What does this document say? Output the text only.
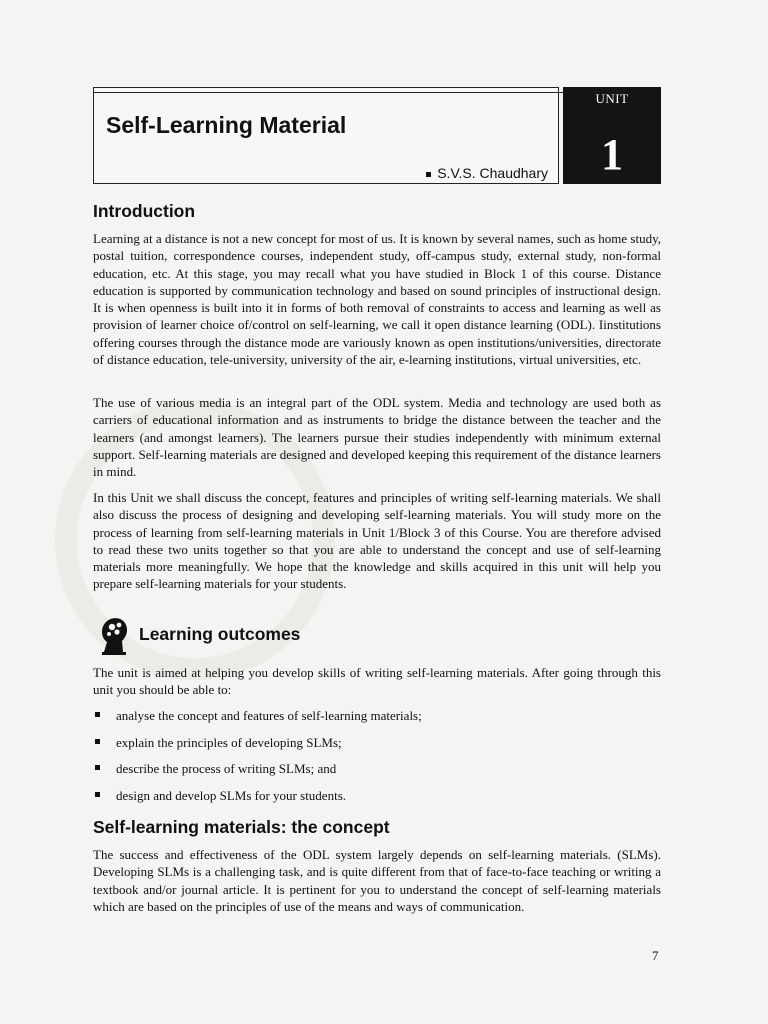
Self-Learning Material
S.V.S. Chaudhary
UNIT
1
Introduction

Learning at a distance is not a new concept for most of us. It is known by several names, such as home study, postal tuition, correspondence courses, independent study, off-campus study, external study, non-formal education, etc. At this stage, you may recall what you have studied in Block 1 of this course. Distance education is supported by communication technology and based on sound principles of instructional design. It is when openness is built into it in forms of both removal of constraints to access and learning as well as provision of learner choice of/control on self-learning, we call it open distance learning (ODL). Iinstitutions offering courses through the distance mode are variously known as open institutions/universities, directorate of distance education, tele-university, university of the air, e-learning institutions, virtual universities, etc.

The use of various media is an integral part of the ODL system. Media and technology are used both as carriers of educational information and as instruments to bridge the distance between the teacher and the learners (and amongst learners). The learners pursue their studies independently with minimum external support. Self-learning materials are designed and developed keeping this requirement of the distance learners in mind.

In this Unit we shall discuss the concept, features and principles of writing self-learning materials. We shall also discuss the process of designing and developing self-learning materials. You will study more on the process of learning from self-learning materials in Unit 1/Block 3 of this Course. You are therefore advised to read these two units together so that you are able to understand the concept and use of self-learning materials more meaningfully. We hope that the knowledge and skills acquired in this unit will help you prepare self-learning materials for your students.

Learning outcomes

The unit is aimed at helping you develop skills of writing self-learning materials. After going through this unit you should be able to:

analyse the concept and features of self-learning materials;
explain the principles of developing SLMs;
describe the process of writing SLMs; and
design and develop SLMs for your students.
Self-learning materials: the concept

The success and effectiveness of the ODL system largely depends on self-learning materials. (SLMs). Developing SLMs is a challenging task, and is quite different from that of face-to-face teaching or writing a textbook and/or journal article. It is pertinent for you to understand the concept of self-learning materials which are based on the principles of use of the means and ways of communication.

7
